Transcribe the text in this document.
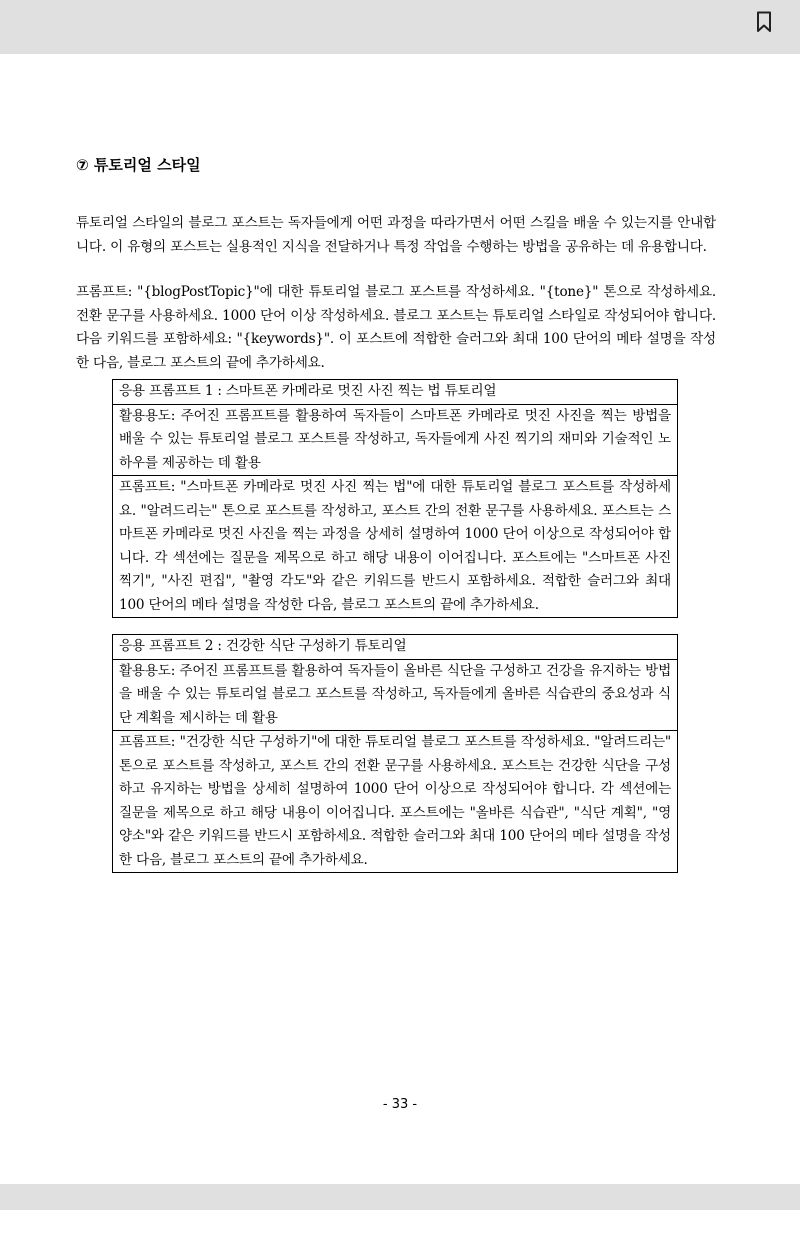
⑦ 튜토리얼 스타일

튜토리얼 스타일의 블로그 포스트는 독자들에게 어떤 과정을 따라가면서 어떤 스킬을 배울 수 있는지를 안내합니다. 이 유형의 포스트는 실용적인 지식을 전달하거나 특정 작업을 수행하는 방법을 공유하는 데 유용합니다.

프롬프트: "{blogPostTopic}"에 대한 튜토리얼 블로그 포스트를 작성하세요. "{tone}" 톤으로 작성하세요. 전환 문구를 사용하세요. 1000 단어 이상 작성하세요. 블로그 포스트는 튜토리얼 스타일로 작성되어야 합니다. 다음 키워드를 포함하세요: "{keywords}". 이 포스트에 적합한 슬러그와 최대 100 단어의 메타 설명을 작성한 다음, 블로그 포스트의 끝에 추가하세요.

응용 프롬프트 1 : 스마트폰 카메라로 멋진 사진 찍는 법 튜토리얼
활용용도: 주어진 프롬프트를 활용하여 독자들이 스마트폰 카메라로 멋진 사진을 찍는 방법을 배울 수 있는 튜토리얼 블로그 포스트를 작성하고, 독자들에게 사진 찍기의 재미와 기술적인 노하우를 제공하는 데 활용
프롬프트: "스마트폰 카메라로 멋진 사진 찍는 법"에 대한 튜토리얼 블로그 포스트를 작성하세요. "알려드리는" 톤으로 포스트를 작성하고, 포스트 간의 전환 문구를 사용하세요. 포스트는 스마트폰 카메라로 멋진 사진을 찍는 과정을 상세히 설명하여 1000 단어 이상으로 작성되어야 합니다. 각 섹션에는 질문을 제목으로 하고 해당 내용이 이어집니다. 포스트에는 "스마트폰 사진 찍기", "사진 편집", "촬영 각도"와 같은 키워드를 반드시 포함하세요. 적합한 슬러그와 최대 100 단어의 메타 설명을 작성한 다음, 블로그 포스트의 끝에 추가하세요.
응용 프롬프트 2 : 건강한 식단 구성하기 튜토리얼
활용용도: 주어진 프롬프트를 활용하여 독자들이 올바른 식단을 구성하고 건강을 유지하는 방법을 배울 수 있는 튜토리얼 블로그 포스트를 작성하고, 독자들에게 올바른 식습관의 중요성과 식단 계획을 제시하는 데 활용
프롬프트: "건강한 식단 구성하기"에 대한 튜토리얼 블로그 포스트를 작성하세요. "알려드리는" 톤으로 포스트를 작성하고, 포스트 간의 전환 문구를 사용하세요. 포스트는 건강한 식단을 구성하고 유지하는 방법을 상세히 설명하여 1000 단어 이상으로 작성되어야 합니다. 각 섹션에는 질문을 제목으로 하고 해당 내용이 이어집니다. 포스트에는 "올바른 식습관", "식단 계획", "영양소"와 같은 키워드를 반드시 포함하세요. 적합한 슬러그와 최대 100 단어의 메타 설명을 작성한 다음, 블로그 포스트의 끝에 추가하세요.
- 33 -
